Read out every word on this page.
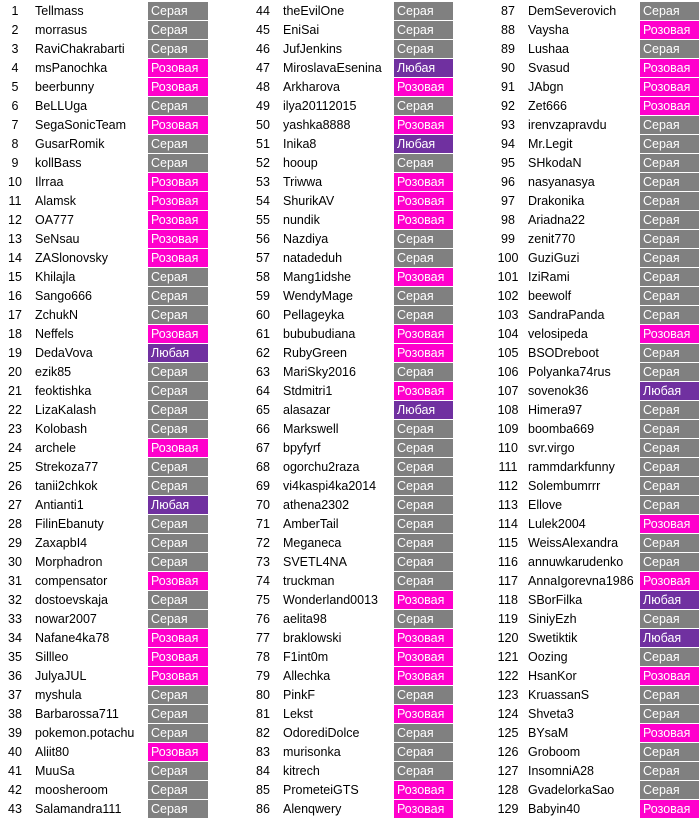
1	Tellmass	Серая
2	morrasus	Серая
3	RaviChakrabarti	Серая
4	msPanochka	Розовая
5	beerbunny	Розовая
6	BeLLUga	Серая
7	SegaSonicTeam	Розовая
8	GusarRomik	Серая
9	kollBass	Серая
10	Ilrraa	Розовая
11	Alamsk	Розовая
12	OA777	Розовая
13	SeNsau	Розовая
14	ZASlonovsky	Розовая
15	Khilajla	Серая
16	Sango666	Серая
17	ZchukN	Серая
18	Neffels	Розовая
19	DedaVova	Любая
20	ezik85	Серая
21	feoktishka	Серая
22	LizaKalash	Серая
23	Kolobash	Серая
24	archele	Розовая
25	Strekoza77	Серая
26	tanii2chkok	Серая
27	Antianti1	Любая
28	FilinEbanuty	Серая
29	ZaxapbI4	Серая
30	Morphadron	Серая
31	compensator	Розовая
32	dostoevskaja	Серая
33	nowar2007	Серая
34	Nafane4ka78	Розовая
35	Sillleo	Розовая
36	JulyaJUL	Розовая
37	myshula	Серая
38	Barbarossa711	Серая
39	pokemon.potachu	Серая
40	Aliit80	Розовая
41	MuuSa	Серая
42	moosheroom	Серая
43	Salamandra111	Серая
44	theEvilOne	Серая
45	EniSai	Серая
46	JufJenkins	Серая
47	MiroslavaEsenina	Любая
48	Arkharova	Розовая
49	ilya20112015	Серая
50	yashka8888	Розовая
51	Inika8	Любая
52	hooup	Серая
53	Triwwa	Розовая
54	ShurikAV	Розовая
55	nundik	Розовая
56	Nazdiya	Серая
57	natadeduh	Серая
58	Mang1idshe	Розовая
59	WendyMage	Серая
60	Pellageyka	Серая
61	bububudiana	Розовая
62	RubyGreen	Розовая
63	MariSky2016	Серая
64	Stdmitri1	Розовая
65	alasazar	Любая
66	Markswell	Серая
67	bpyfyrf	Серая
68	ogorchu2raza	Серая
69	vi4kaspi4ka2014	Серая
70	athena2302	Серая
71	AmberTail	Серая
72	Meganeca	Серая
73	SVETL4NA	Серая
74	truckman	Серая
75	Wonderland0013	Розовая
76	aelita98	Серая
77	braklowski	Розовая
78	F1int0m	Розовая
79	Allechka	Розовая
80	PinkF	Серая
81	Lekst	Розовая
82	OdorediDolce	Серая
83	murisonka	Серая
84	kitrech	Серая
85	PrometeiGTS	Розовая
86	Alenqwery	Розовая
87	DemSeverovich	Серая
88	Vaysha	Розовая
89	Lushaa	Серая
90	Svasud	Розовая
91	JAbgn	Розовая
92	Zet666	Розовая
93	irenvzapravdu	Серая
94	Mr.Legit	Серая
95	SHkodaN	Серая
96	nasyanasya	Серая
97	Drakonika	Серая
98	Ariadna22	Серая
99	zenit770	Серая
100 GuziGuzi	Серая
101 IziRami	Серая
102 beewolf	Серая
103 SandraPanda	Серая
104 velosipeda	Розовая
105 BSODreboot	Серая
106 Polyanka74rus	Серая
107 sovenok36	Любая
108 Himera97	Серая
109 boomba669	Серая
110 svr.virgo	Серая
111 rammdarkfunny	Серая
112 Solembumrrr	Серая
113 Ellove	Серая
114 Lulek2004	Розовая
115 WeissAlexandra	Серая
116 annuwkarudenko	Серая
117 AnnaIgorevna1986 Розовая
118 SBorFilka	Любая
119 SiniyEzh	Серая
120 Swetiktik	Любая
121 Oozing	Серая
122 HsanKor	Розовая
123 KruassanS	Серая
124 Shveta3	Серая
125 BYsaM	Розовая
126 Groboom	Серая
127 InsomniA28	Серая
128 GvadelorkaSao	Серая
129 Babyin40	Розовая
